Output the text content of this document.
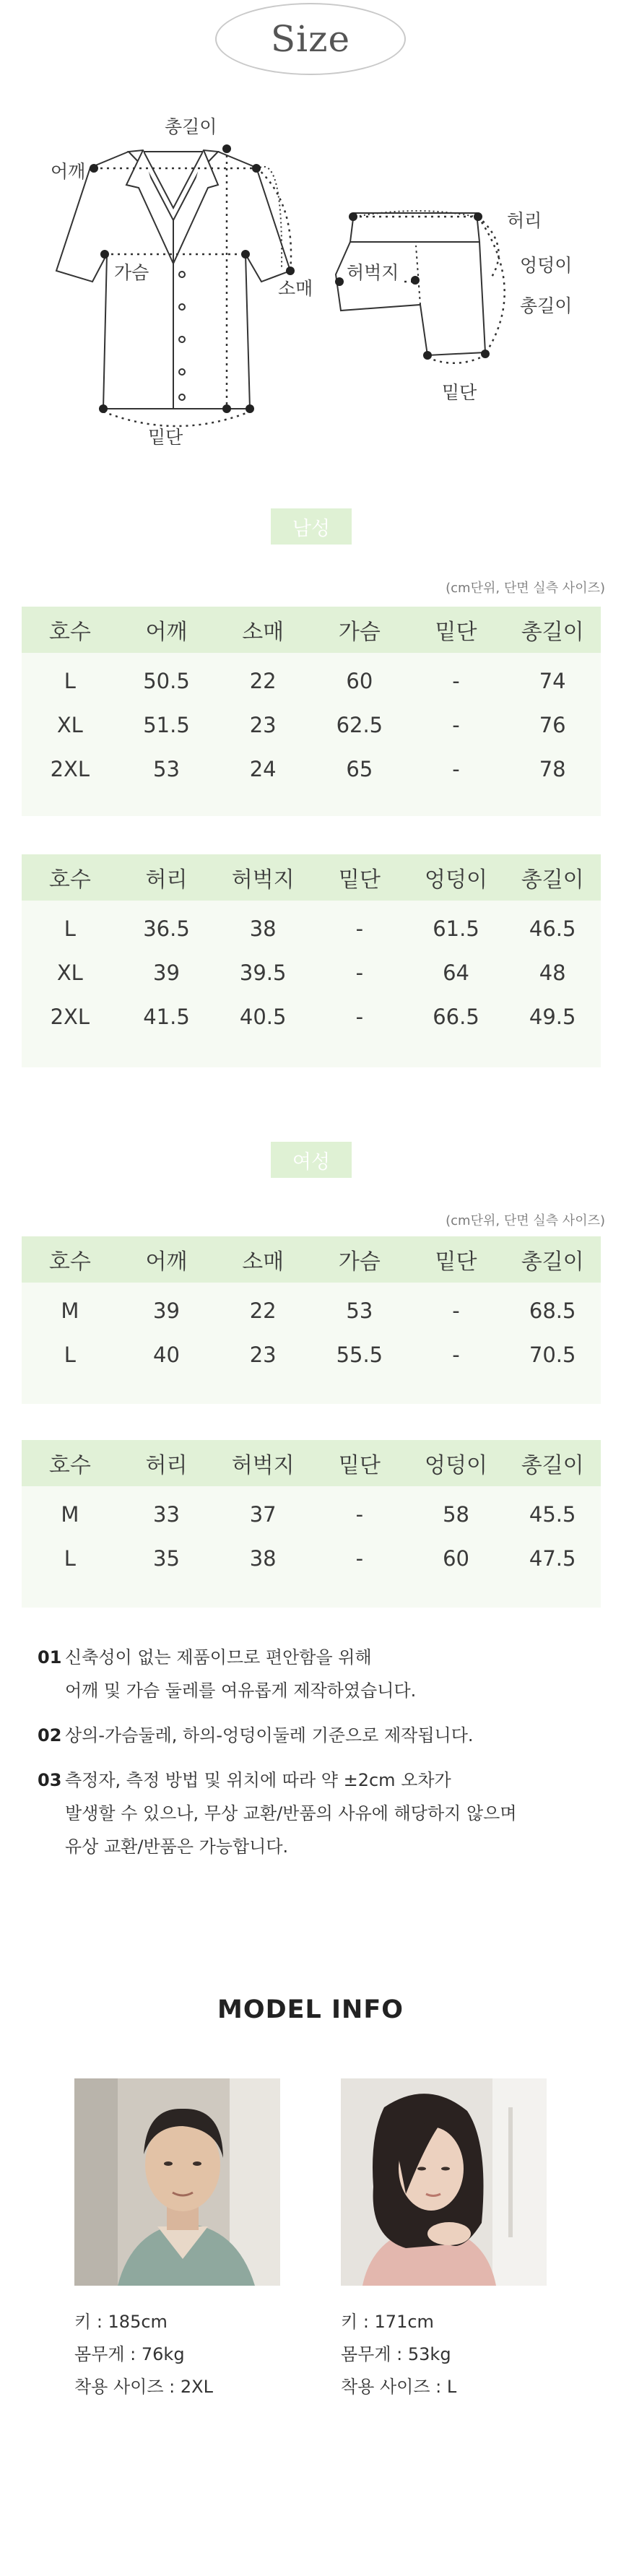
Size
총길이
어깨
가슴
소매
밑단
허리
엉덩이
총길이
허벅지
밑단
남성
(cm단위, 단면 실측 사이즈)
호수	어깨	소매	가슴	밑단	총길이
L	50.5	22	60	-	74
XL	51.5	23	62.5	-	76
2XL	53	24	65	-	78
호수	허리	허벅지	밑단	엉덩이	총길이
L	36.5	38	-	61.5	46.5
XL	39	39.5	-	64	48
2XL	41.5	40.5	-	66.5	49.5
여성
(cm단위, 단면 실측 사이즈)
호수	어깨	소매	가슴	밑단	총길이
M	39	22	53	-	68.5
L	40	23	55.5	-	70.5
호수	허리	허벅지	밑단	엉덩이	총길이
M	33	37	-	58	45.5
L	35	38	-	60	47.5
01 신축성이 없는 제품이므로 편안함을 위해
어깨 및 가슴 둘레를 여유롭게 제작하였습니다.
02 상의-가슴둘레, 하의-엉덩이둘레 기준으로 제작됩니다.
03 측정자, 측정 방법 및 위치에 따라 약 ±2cm 오차가
발생할 수 있으나, 무상 교환/반품의 사유에 해당하지 않으며
유상 교환/반품은 가능합니다.
MODEL INFO
키 : 185cm
몸무게 : 76kg
착용 사이즈 : 2XL
키 : 171cm
몸무게 : 53kg
착용 사이즈 : L
